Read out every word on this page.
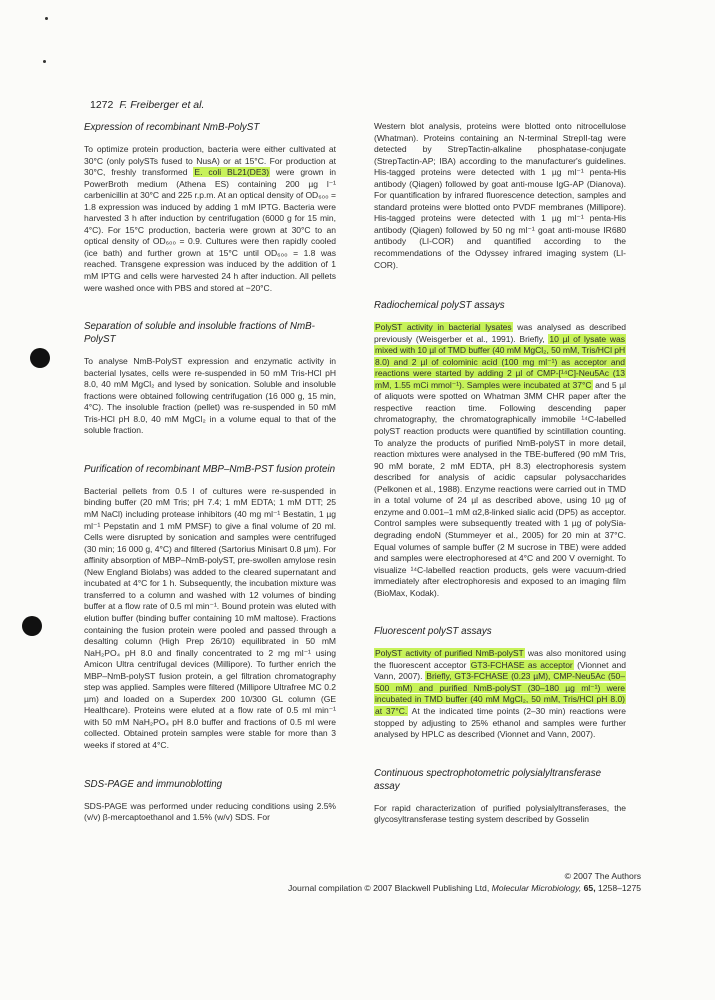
1272 F. Freiberger et al.
Expression of recombinant NmB-PolyST

To optimize protein production, bacteria were either cultivated at 30°C (only polySTs fused to NusA) or at 15°C. For production at 30°C, freshly transformed E. coli BL21(DE3) were grown in PowerBroth medium (Athena ES) containing 200 µg l⁻¹ carbenicillin at 30°C and 225 r.p.m. At an optical density of OD₆₀₀ = 1.8 expression was induced by adding 1 mM IPTG. Bacteria were harvested 3 h after induction by centrifugation (6000 g for 15 min, 4°C). For 15°C production, bacteria were grown at 30°C to an optical density of OD₆₀₀ = 0.9. Cultures were then rapidly cooled (ice bath) and further grown at 15°C until OD₆₀₀ = 1.8 was reached. Transgene expression was induced by the addition of 1 mM IPTG and cells were harvested 24 h after induction. All pellets were washed once with PBS and stored at −20°C.

Separation of soluble and insoluble fractions of NmB-PolyST

To analyse NmB-PolyST expression and enzymatic activity in bacterial lysates, cells were re-suspended in 50 mM Tris-HCl pH 8.0, 40 mM MgCl₂ and lysed by sonication. Soluble and insoluble fractions were obtained following centrifugation (16 000 g, 15 min, 4°C). The insoluble fraction (pellet) was re-suspended in 50 mM Tris-HCl pH 8.0, 40 mM MgCl₂ in a volume equal to that of the soluble fraction.

Purification of recombinant MBP–NmB-PST fusion protein

Bacterial pellets from 0.5 l of cultures were re-suspended in binding buffer (20 mM Tris; pH 7.4; 1 mM EDTA; 1 mM DTT; 25 mM NaCl) including protease inhibitors (40 mg ml⁻¹ Bestatin, 1 µg ml⁻¹ Pepstatin and 1 mM PMSF) to give a final volume of 20 ml. Cells were disrupted by sonication and samples were centrifuged (30 min; 16 000 g, 4°C) and filtered (Sartorius Minisart 0.8 µm). For affinity absorption of MBP–NmB-polyST, pre-swollen amylose resin (New England Biolabs) was added to the cleared supernatant and incubated at 4°C for 1 h. Subsequently, the incubation mixture was transferred to a column and washed with 12 volumes of binding buffer at a flow rate of 0.5 ml min⁻¹. Bound protein was eluted with elution buffer (binding buffer containing 10 mM maltose). Fractions containing the fusion protein were pooled and passed through a desalting column (High Prep 26/10) equilibrated in 50 mM NaH₂PO₄ pH 8.0 and finally concentrated to 2 mg ml⁻¹ using Amicon Ultra centrifugal devices (Millipore). To further enrich the MBP–NmB-polyST fusion protein, a gel filtration chromatography step was applied. Samples were filtered (Millipore Ultrafree MC 0.2 µm) and loaded on a Superdex 200 10/300 GL column (GE Healthcare). Proteins were eluted at a flow rate of 0.5 ml min⁻¹ with 50 mM NaH₂PO₄ pH 8.0 buffer and fractions of 0.5 ml were collected. Obtained protein samples were stable for more than 3 weeks if stored at 4°C.

SDS-PAGE and immunoblotting

SDS-PAGE was performed under reducing conditions using 2.5% (v/v) β-mercaptoethanol and 1.5% (w/v) SDS. For

Western blot analysis, proteins were blotted onto nitrocellulose (Whatman). Proteins containing an N-terminal StrepII-tag were detected by StrepTactin-alkaline phosphatase-conjugate (StrepTactin-AP; IBA) according to the manufacturer's guidelines. His-tagged proteins were detected with 1 µg ml⁻¹ penta-His antibody (Qiagen) followed by goat anti-mouse IgG-AP (Dianova). For quantification by infrared fluorescence detection, samples and standard proteins were blotted onto PVDF membranes (Millipore). His-tagged proteins were detected with 1 µg ml⁻¹ penta-His antibody (Qiagen) followed by 50 ng ml⁻¹ goat anti-mouse IR680 antibody (LI-COR) and quantified according to the recommendations of the Odyssey infrared imaging system (LI-COR).

Radiochemical polyST assays

PolyST activity in bacterial lysates was analysed as described previously (Weisgerber et al., 1991). Briefly, 10 µl of lysate was mixed with 10 µl of TMD buffer (40 mM MgCl₂, 50 mM, Tris/HCl pH 8.0) and 2 µl of colominic acid (100 mg ml⁻¹) as acceptor and reactions were started by adding 2 µl of CMP-[¹⁴C]-Neu5Ac (13 mM, 1.55 mCi mmol⁻¹). Samples were incubated at 37°C and 5 µl of aliquots were spotted on Whatman 3MM CHR paper after the respective reaction time. Following descending paper chromatography, the chromatographically immobile ¹⁴C-labelled polyST reaction products were quantified by scintillation counting. To analyze the products of purified NmB-polyST in more detail, reaction mixtures were analysed in the TBE-buffered (90 mM Tris, 90 mM borate, 2 mM EDTA, pH 8.3) electrophoresis system described for analysis of acidic capsular polysaccharides (Pelkonen et al., 1988). Enzyme reactions were carried out in TMD in a total volume of 24 µl as described above, using 10 µg of enzyme and 0.001–1 mM α2,8-linked sialic acid (DP5) as acceptor. Control samples were subsequently treated with 1 µg of polySia-degrading endoN (Stummeyer et al., 2005) for 20 min at 37°C. Equal volumes of sample buffer (2 M sucrose in TBE) were added and samples were electrophoresed at 4°C and 200 V overnight. To visualize ¹⁴C-labelled reaction products, gels were vacuum-dried immediately after electrophoresis and exposed to an imaging film (BioMax, Kodak).

Fluorescent polyST assays

PolyST activity of purified NmB-polyST was also monitored using the fluorescent acceptor GT3-FCHASE as acceptor (Vionnet and Vann, 2007). Briefly, GT3-FCHASE (0.23 µM), CMP-Neu5Ac (50–500 mM) and purified NmB-polyST (30–180 µg ml⁻¹) were incubated in TMD buffer (40 mM MgCl₂, 50 mM, Tris/HCl pH 8.0) at 37°C. At the indicated time points (2–30 min) reactions were stopped by adjusting to 25% ethanol and samples were further analysed by HPLC as described (Vionnet and Vann, 2007).

Continuous spectrophotometric polysialyltransferase assay

For rapid characterization of purified polysialyltransferases, the glycosyltransferase testing system described by Gosselin

© 2007 The Authors
Journal compilation © 2007 Blackwell Publishing Ltd, Molecular Microbiology, 65, 1258–1275
